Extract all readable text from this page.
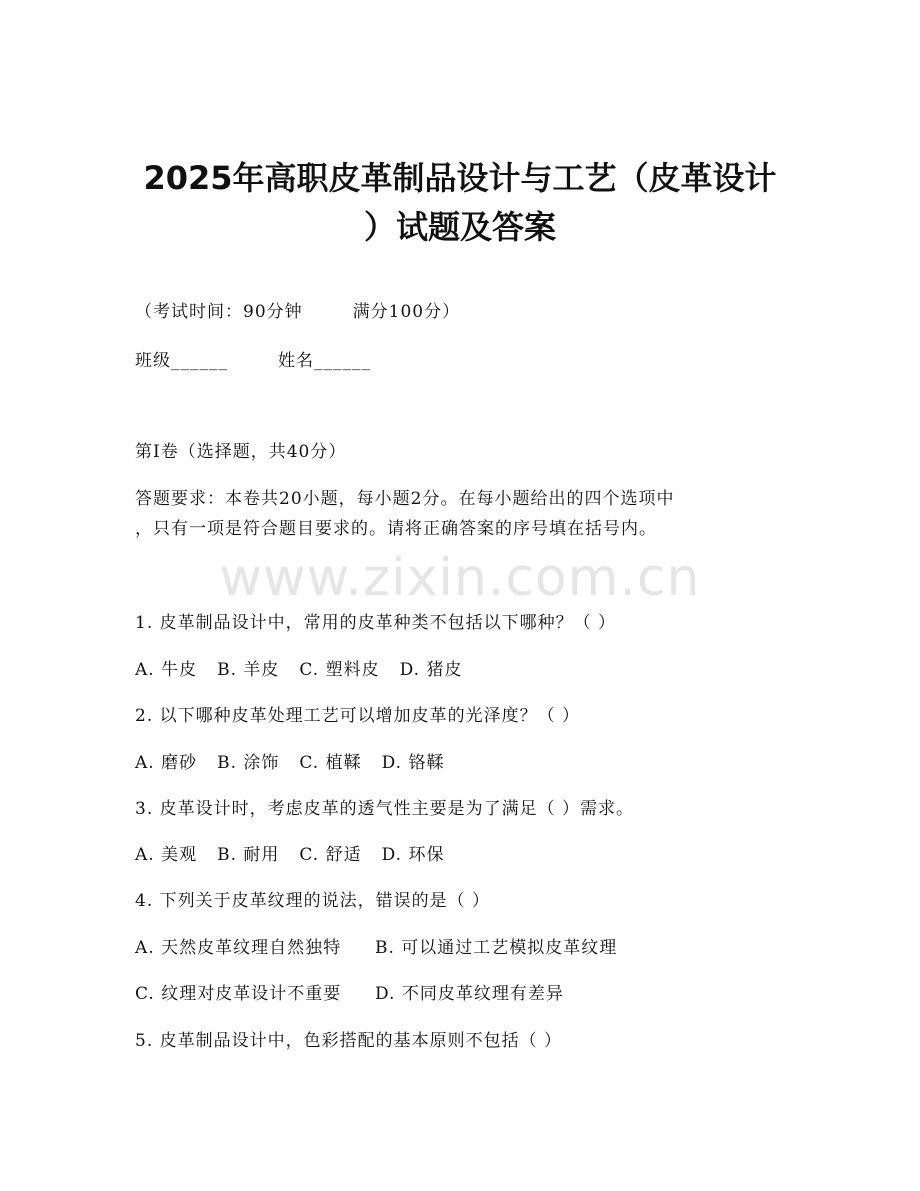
2025年高职皮革制品设计与工艺（皮革设计
）试题及答案

（考试时间：90分钟	满分100分）

班级______	姓名______

第I卷（选择题，共40分）

答题要求：本卷共20小题，每小题2分。在每小题给出的四个选项中

，只有一项是符合题目要求的。请将正确答案的序号填在括号内。

www.zixin.com.cn

1. 皮革制品设计中，常用的皮革种类不包括以下哪种？（ ）

A. 牛皮 B. 羊皮 C. 塑料皮 D. 猪皮

2. 以下哪种皮革处理工艺可以增加皮革的光泽度？（ ）

A. 磨砂 B. 涂饰 C. 植鞣 D. 铬鞣

3. 皮革设计时，考虑皮革的透气性主要是为了满足（ ）需求。

A. 美观 B. 耐用 C. 舒适 D. 环保

4. 下列关于皮革纹理的说法，错误的是（ ）

A. 天然皮革纹理自然独特 B. 可以通过工艺模拟皮革纹理

C. 纹理对皮革设计不重要 D. 不同皮革纹理有差异

5. 皮革制品设计中，色彩搭配的基本原则不包括（ ）
